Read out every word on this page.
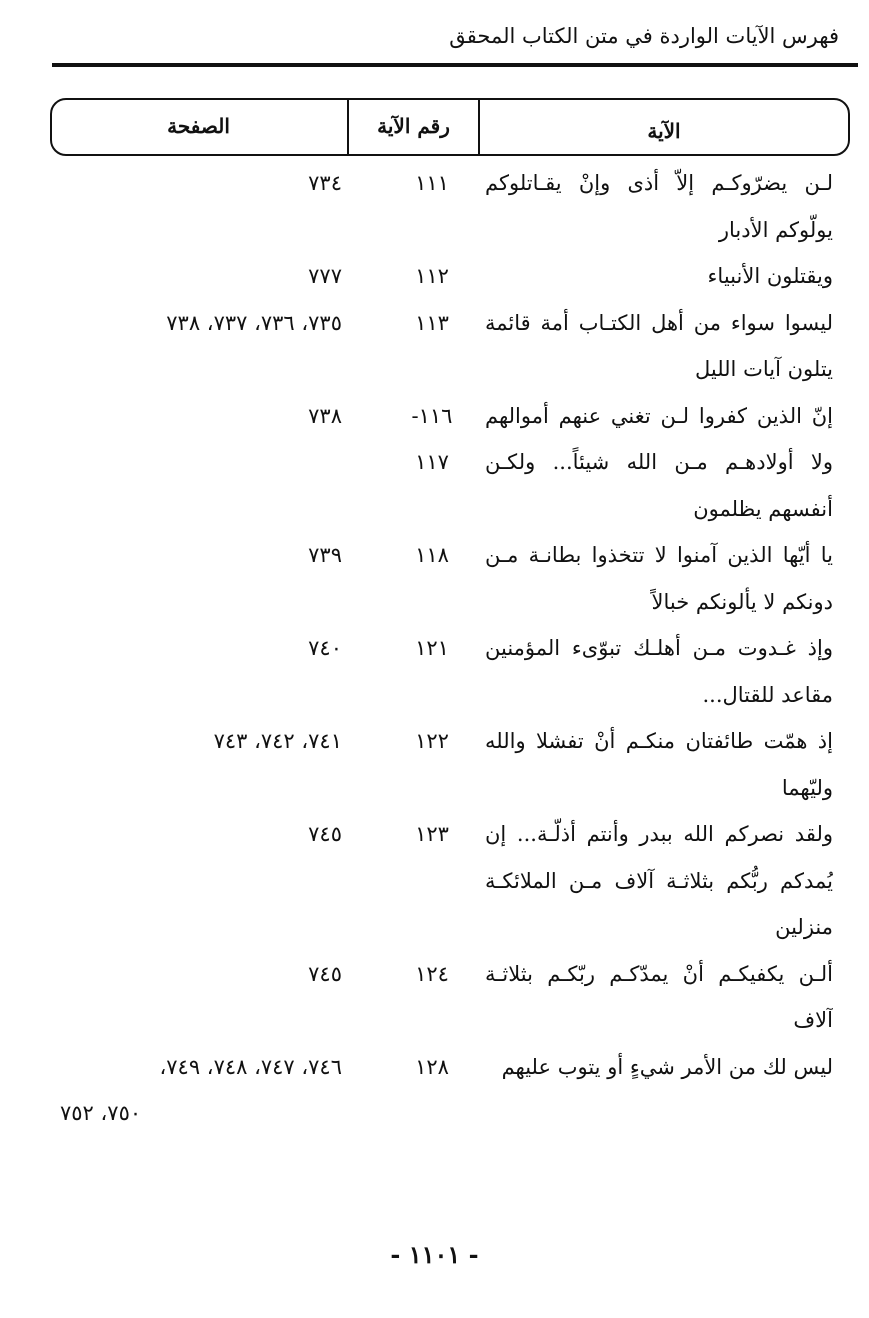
فهرس الآيات الواردة في متن الكتاب المحقق
الآية
رقم الآية
الصفحة
لـن يضرّوكـم إلاّ أذى وإنْ يقـاتلوكم
١١١
٧٣٤
يولّوكم الأدبار
ويقتلون الأنبياء
١١٢
٧٧٧
ليسوا سواء من أهل الكتـاب أمة قائمة
١١٣
٧٣٥، ٧٣٦، ٧٣٧، ٧٣٨
يتلون آيات الليل
إنّ الذين كفروا لـن تغني عنهم أموالهم
١١٦-
٧٣٨
ولا أولادهـم مـن الله شيئاً... ولكـن
١١٧
أنفسهم يظلمون
يا أيّها الذين آمنوا لا تتخذوا بطانـة مـن
١١٨
٧٣٩
دونكم لا يألونكم خبالاً
وإذ غـدوت مـن أهلـك تبوّىء المؤمنين
١٢١
٧٤٠
مقاعد للقتال...
إذ همّت طائفتان منكـم أنْ تفشلا والله
١٢٢
٧٤١، ٧٤٢، ٧٤٣
وليّهما
ولقد نصركم الله ببدر وأنتم أذلّـة... إن
١٢٣
٧٤٥
يُمدكم ربُّكم بثلاثـة آلاف مـن الملائكـة
منزلين
ألـن يكفيكـم أنْ يمدّكـم ربّكـم بثلاثـة
١٢٤
٧٤٥
آلاف
ليس لك من الأمر شيءٍ أو يتوب عليهم
١٢٨
٧٤٦، ٧٤٧، ٧٤٨، ٧٤٩،
٧٥٠، ٧٥٢
- ١١٠١ -
